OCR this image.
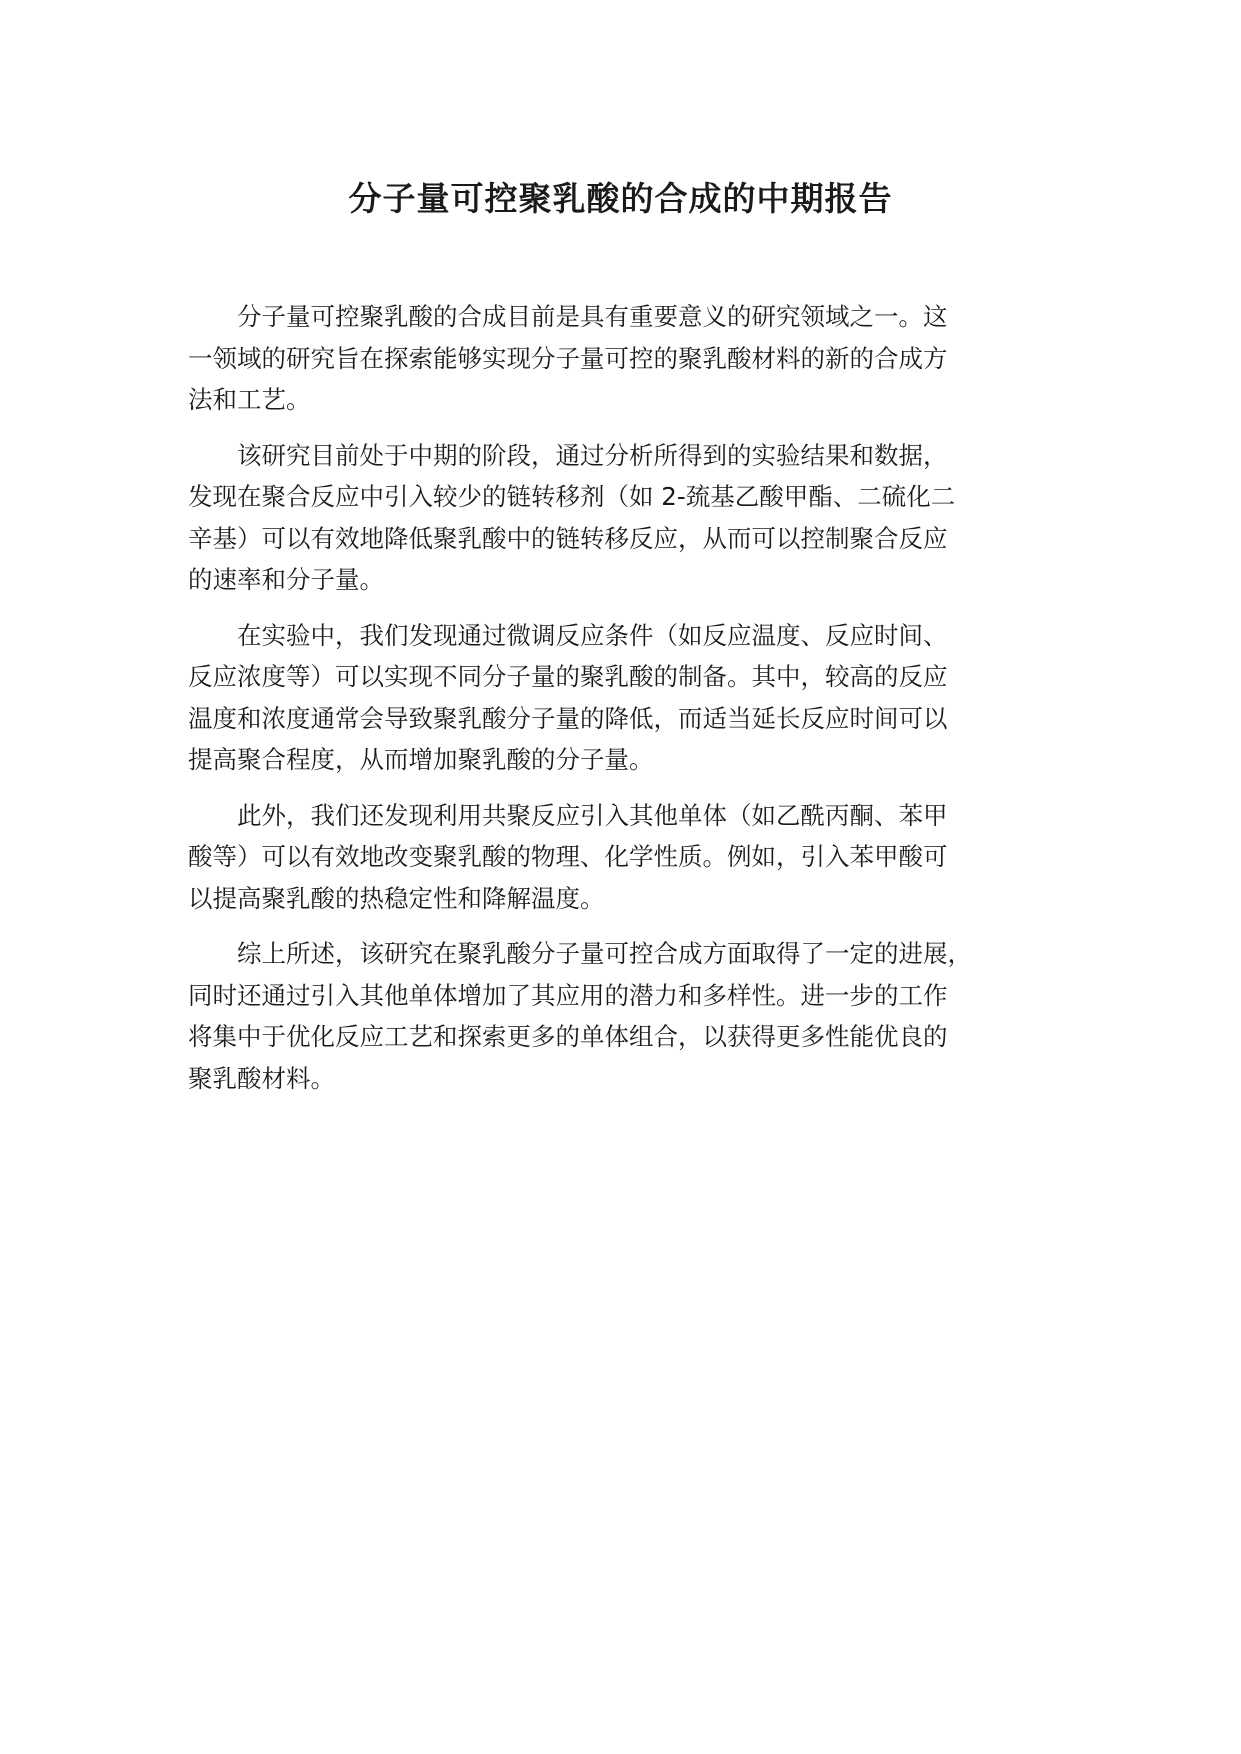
分子量可控聚乳酸的合成的中期报告

分子量可控聚乳酸的合成目前是具有重要意义的研究领域之一。这
一领域的研究旨在探索能够实现分子量可控的聚乳酸材料的新的合成方
法和工艺。

该研究目前处于中期的阶段，通过分析所得到的实验结果和数据，
发现在聚合反应中引入较少的链转移剂（如 2-巯基乙酸甲酯、二硫化二
辛基）可以有效地降低聚乳酸中的链转移反应，从而可以控制聚合反应
的速率和分子量。

在实验中，我们发现通过微调反应条件（如反应温度、反应时间、
反应浓度等）可以实现不同分子量的聚乳酸的制备。其中，较高的反应
温度和浓度通常会导致聚乳酸分子量的降低，而适当延长反应时间可以
提高聚合程度，从而增加聚乳酸的分子量。

此外，我们还发现利用共聚反应引入其他单体（如乙酰丙酮、苯甲
酸等）可以有效地改变聚乳酸的物理、化学性质。例如，引入苯甲酸可
以提高聚乳酸的热稳定性和降解温度。

综上所述，该研究在聚乳酸分子量可控合成方面取得了一定的进展，
同时还通过引入其他单体增加了其应用的潜力和多样性。进一步的工作
将集中于优化反应工艺和探索更多的单体组合，以获得更多性能优良的
聚乳酸材料。
